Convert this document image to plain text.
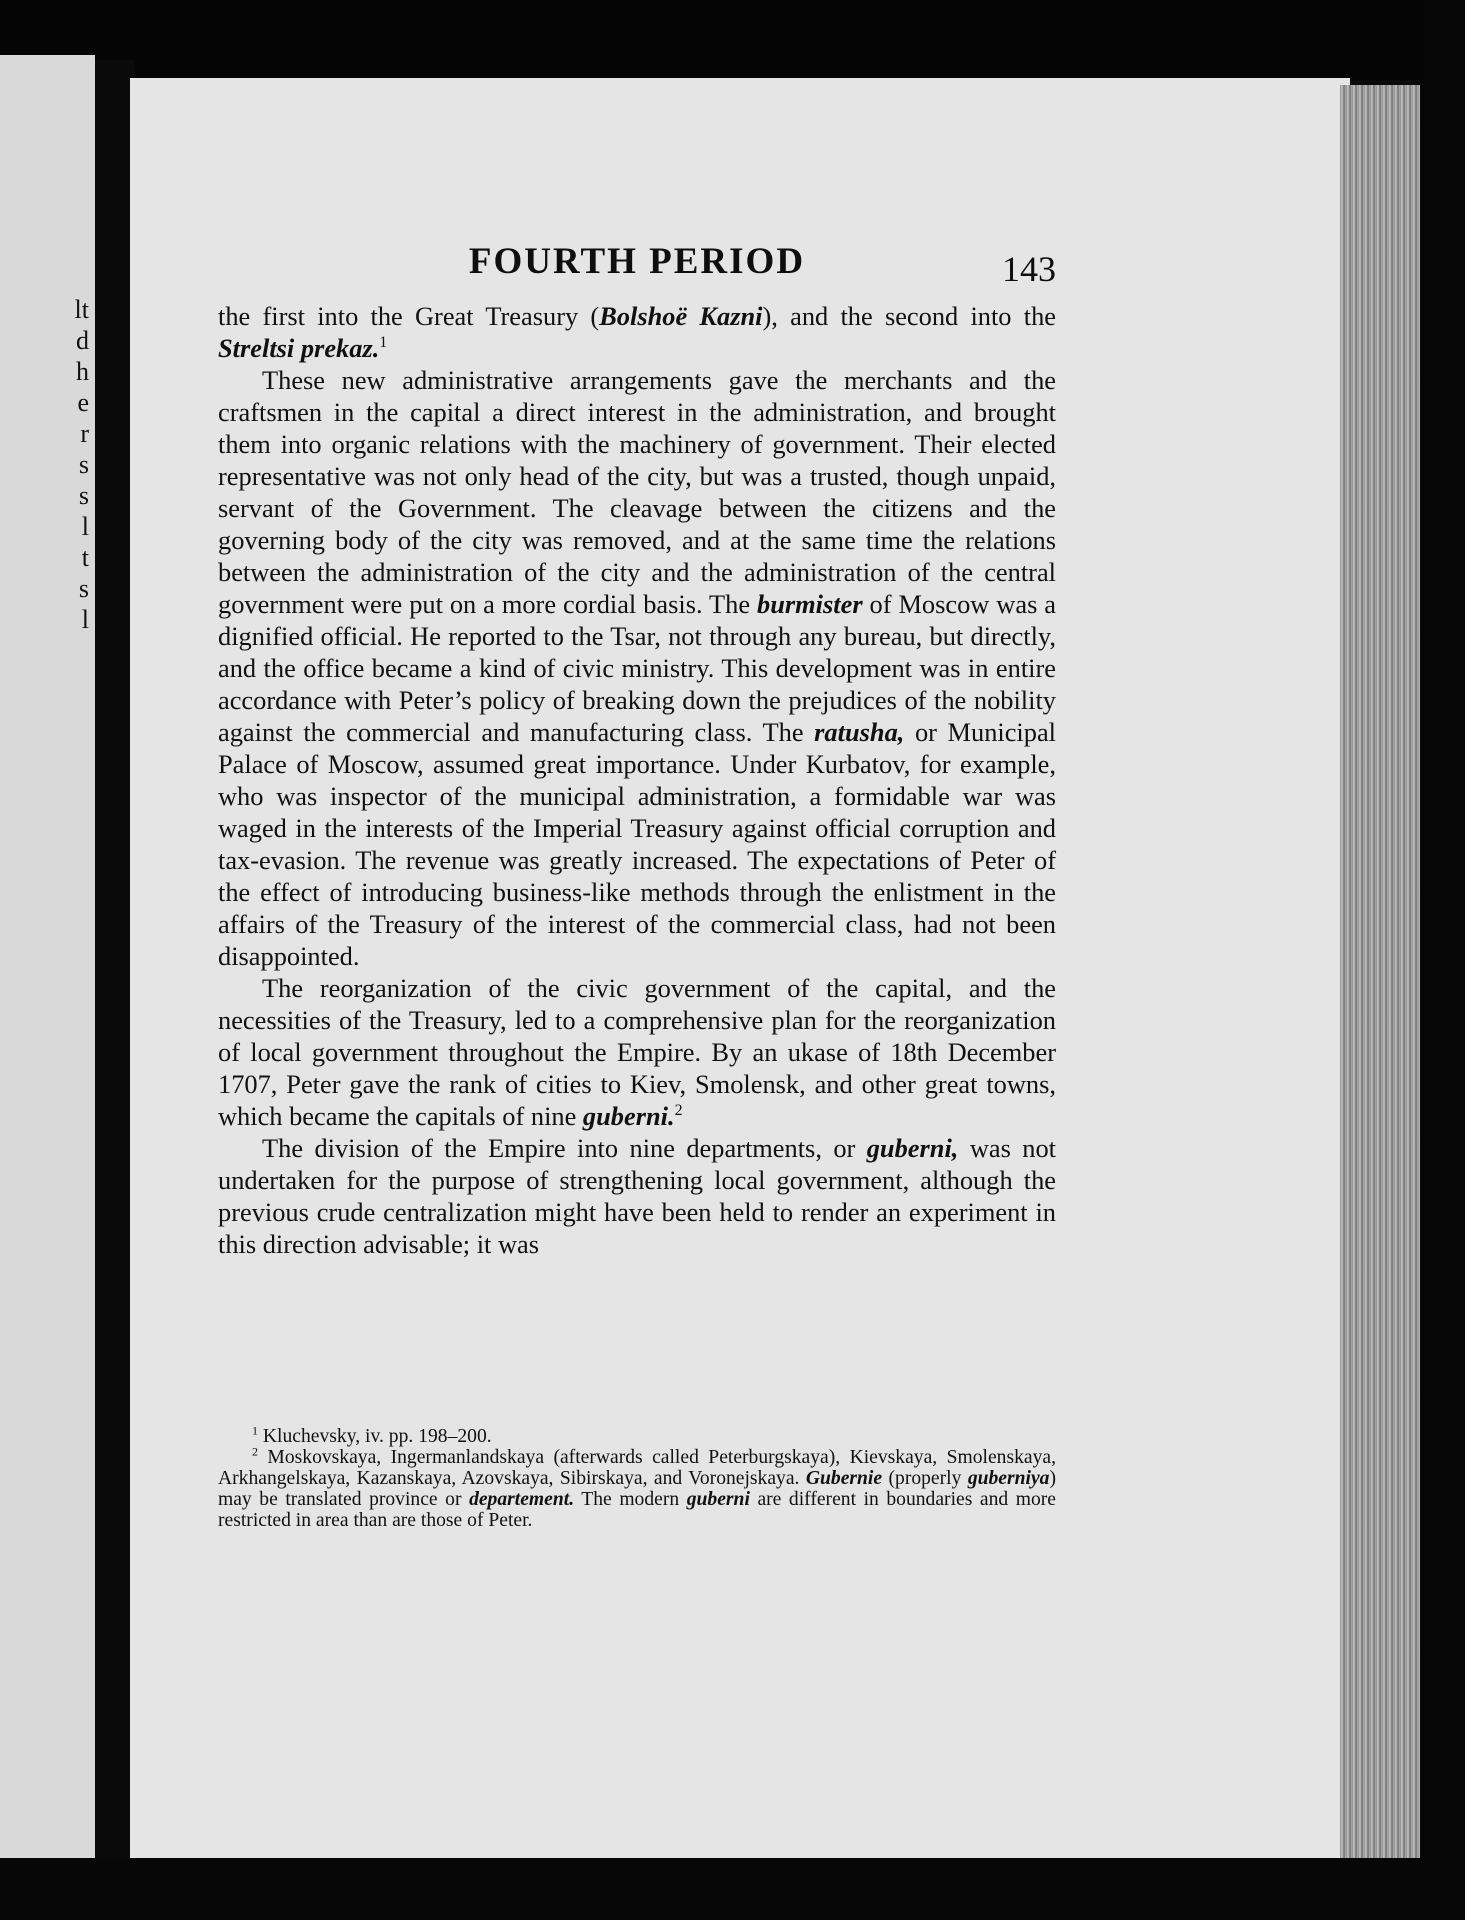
lt
d
h
e
r
s
s
l
t
s
l
FOURTH PERIOD	143

the first into the Great Treasury (Bolshoë Kazni), and the second into the Streltsi prekaz.$^1$

These new administrative arrangements gave the merchants and the craftsmen in the capital a direct interest in the administration, and brought them into organic relations with the machinery of government. Their elected representative was not only head of the city, but was a trusted, though unpaid, servant of the Government. The cleavage between the citizens and the governing body of the city was removed, and at the same time the relations between the administration of the city and the administration of the central government were put on a more cordial basis. The burmister of Moscow was a dignified official. He reported to the Tsar, not through any bureau, but directly, and the office became a kind of civic ministry. This development was in entire accordance with Peter’s policy of breaking down the prejudices of the nobility against the commercial and manufacturing class. The ratusha, or Municipal Palace of Moscow, assumed great importance. Under Kurbatov, for example, who was inspector of the municipal administration, a formidable war was waged in the interests of the Imperial Treasury against official corruption and tax-evasion. The revenue was greatly increased. The expectations of Peter of the effect of introducing business-like methods through the enlistment in the affairs of the Treasury of the interest of the commercial class, had not been disappointed.

The reorganization of the civic government of the capital, and the necessities of the Treasury, led to a comprehensive plan for the reorganization of local government throughout the Empire. By an ukase of 18th December 1707, Peter gave the rank of cities to Kiev, Smolensk, and other great towns, which became the capitals of nine guberni.$^2$

The division of the Empire into nine departments, or guberni, was not undertaken for the purpose of strengthening local government, although the previous crude centralization might have been held to render an experiment in this direction advisable; it was

$^1$ Kluchevsky, iv. pp. 198–200.

$^2$ Moskovskaya, Ingermanlandskaya (afterwards called Peterburgskaya), Kievskaya, Smolenskaya, Arkhangelskaya, Kazanskaya, Azovskaya, Sibirskaya, and Voronejskaya. Gubernie (properly guberniya) may be translated province or departement. The modern guberni are different in boundaries and more restricted in area than are those of Peter.
